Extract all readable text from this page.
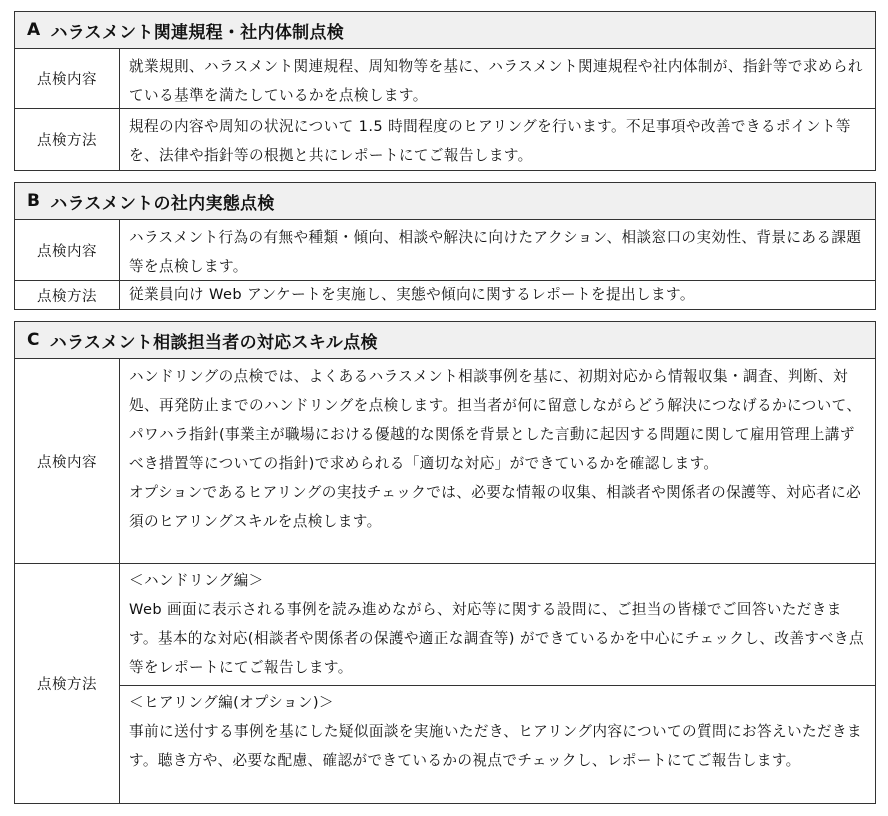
A ハラスメント関連規程・社内体制点検
点検内容
就業規則、ハラスメント関連規程、周知物等を基に、ハラスメント関連規程や社内体制が、指針等で求められている基準を満たしているかを点検します。
点検方法
規程の内容や周知の状況について 1.5 時間程度のヒアリングを行います。不足事項や改善できるポイント等を、法律や指針等の根拠と共にレポートにてご報告します。
B ハラスメントの社内実態点検
点検内容
ハラスメント行為の有無や種類・傾向、相談や解決に向けたアクション、相談窓口の実効性、背景にある課題等を点検します。
点検方法	従業員向け Web アンケートを実施し、実態や傾向に関するレポートを提出します。
C ハラスメント相談担当者の対応スキル点検
点検内容

ハンドリングの点検では、よくあるハラスメント相談事例を基に、初期対応から情報収集・調査、判断、対処、再発防止までのハンドリングを点検します。担当者が何に留意しながらどう解決につなげるかについて、パワハラ指針(事業主が職場における優越的な関係を背景とした言動に起因する問題に関して雇用管理上講ずべき措置等についての指針)で求められる「適切な対応」ができているかを確認します。

オプションであるヒアリングの実技チェックでは、必要な情報の収集、相談者や関係者の保護等、対応者に必須のヒアリングスキルを点検します。

点検方法

＜ハンドリング編＞

Web 画面に表示される事例を読み進めながら、対応等に関する設問に、ご担当の皆様でご回答いただきます。基本的な対応(相談者や関係者の保護や適正な調査等) ができているかを中心にチェックし、改善すべき点等をレポートにてご報告します。

＜ヒアリング編(オプション)＞

事前に送付する事例を基にした疑似面談を実施いただき、ヒアリング内容についての質問にお答えいただきます。聴き方や、必要な配慮、確認ができているかの視点でチェックし、レポートにてご報告します。
